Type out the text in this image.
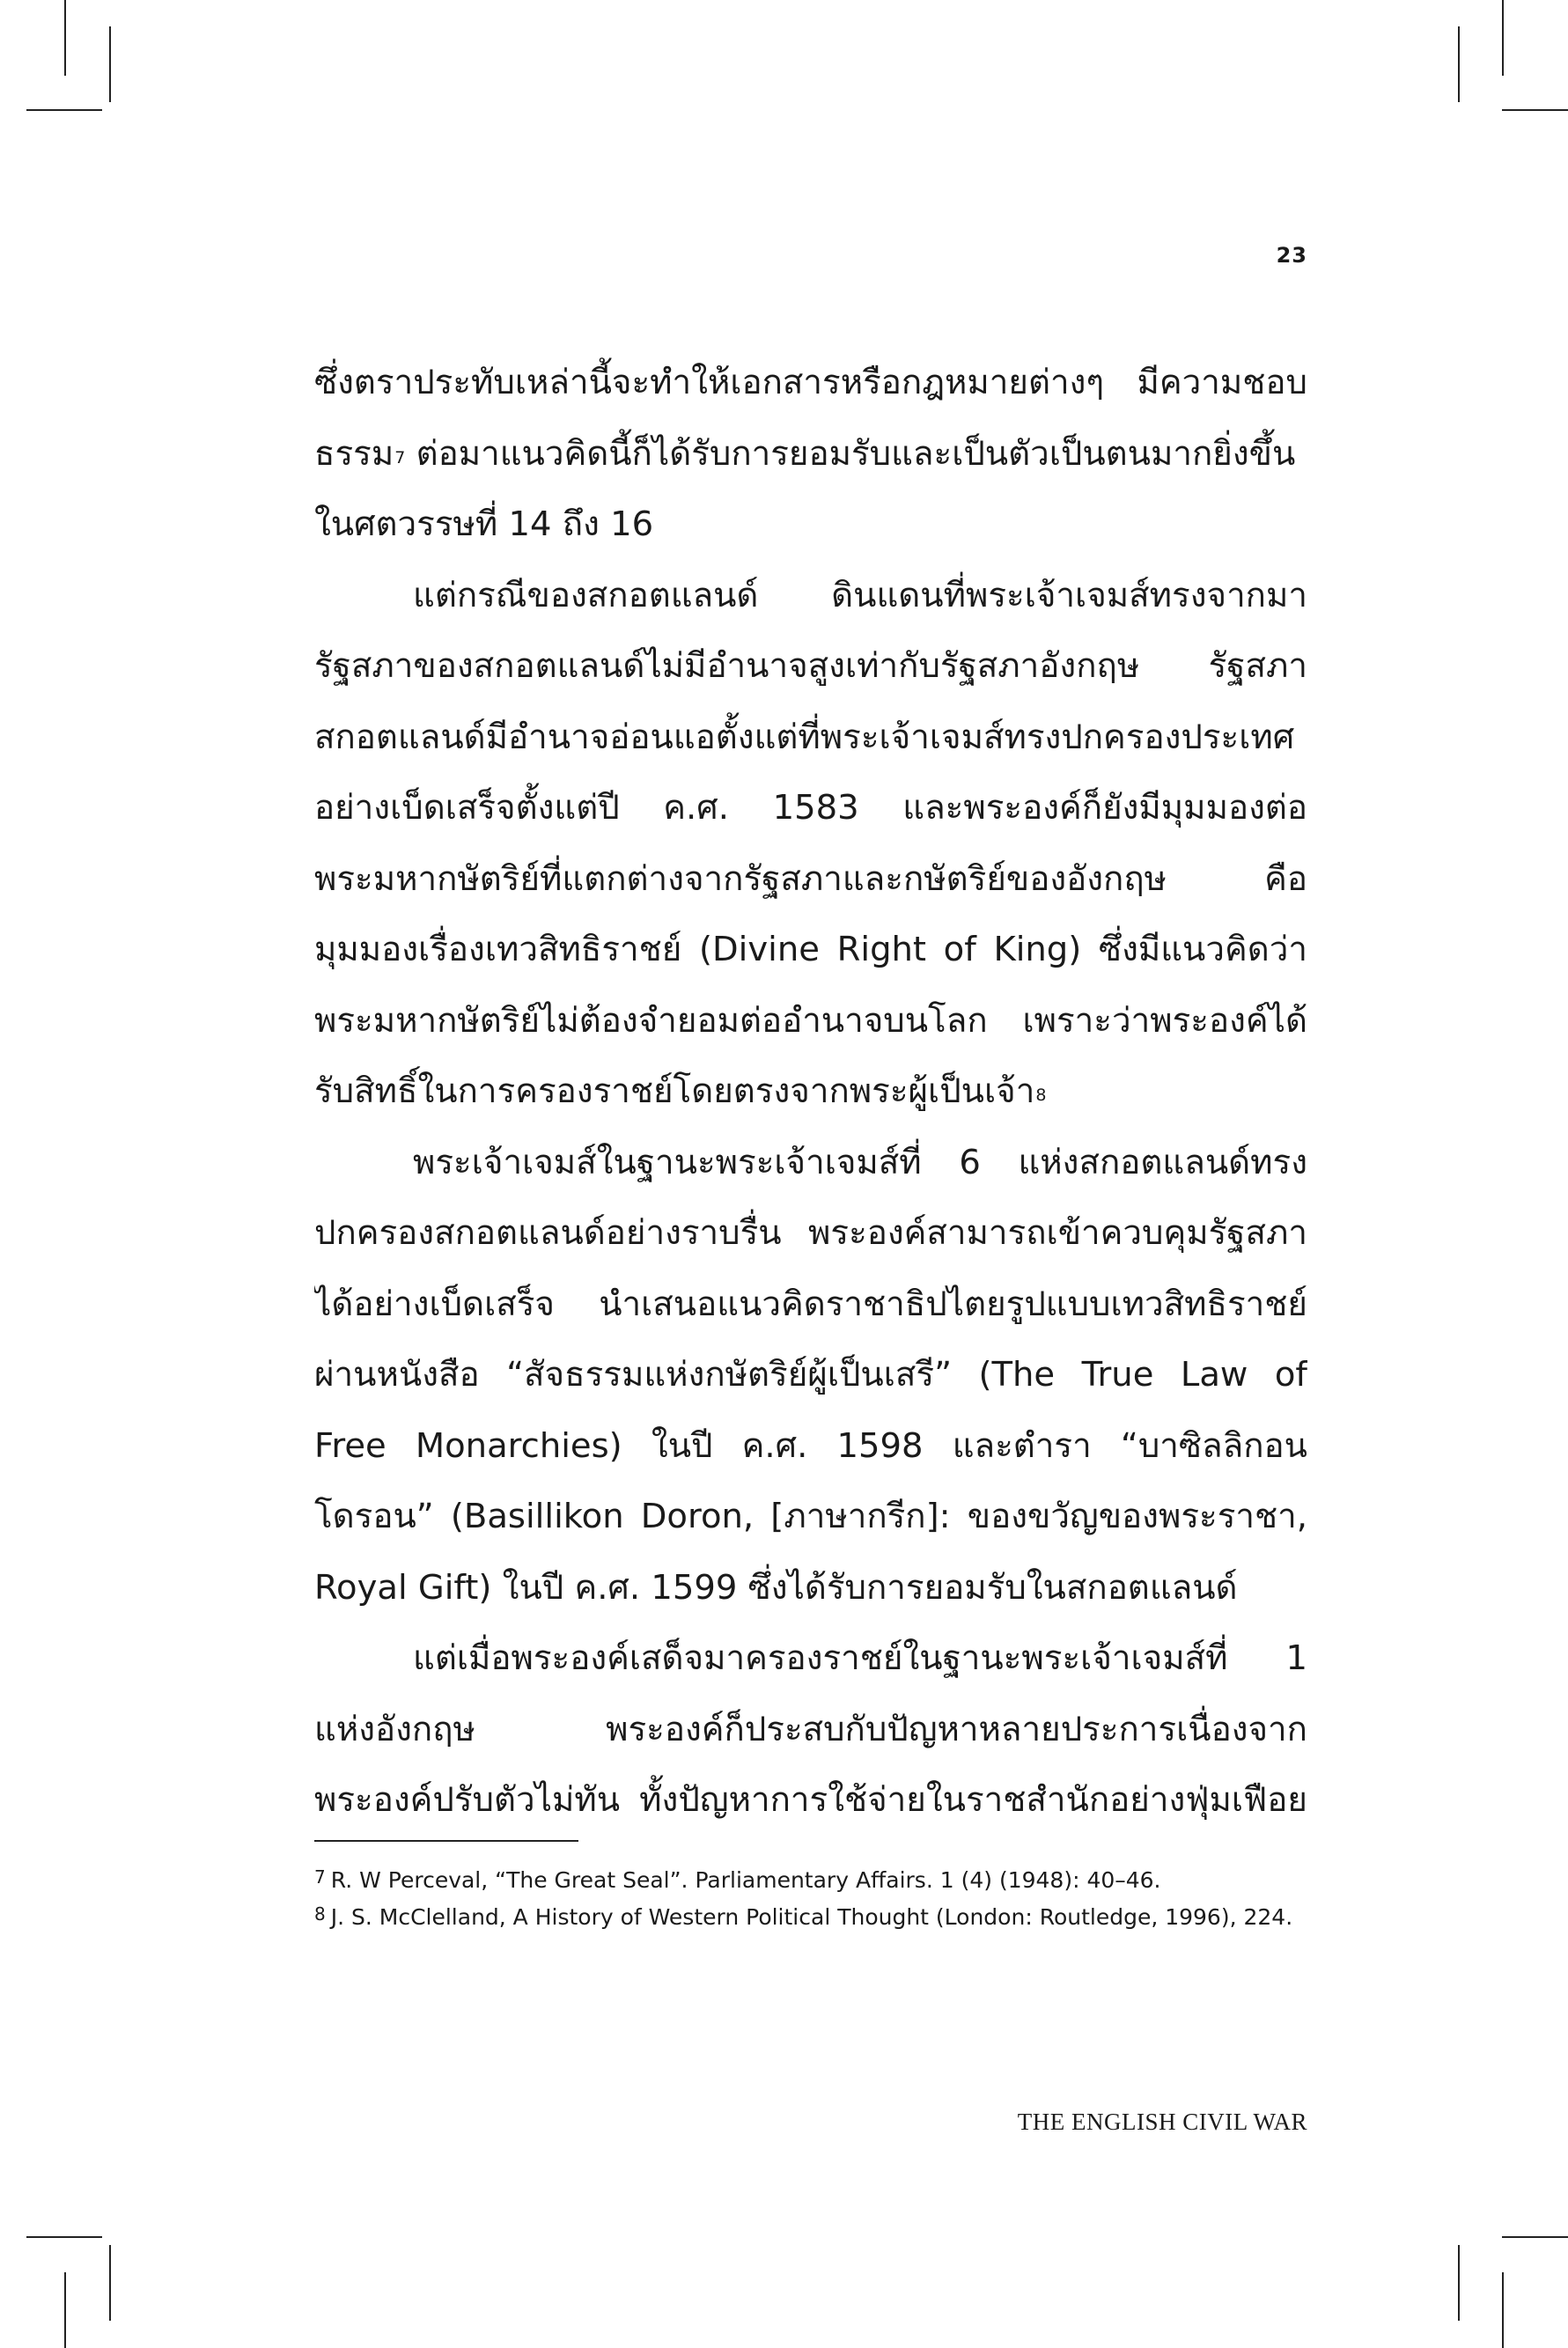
23
ซึ่งตราประทับเหล่านี้จะทำให้เอกสารหรือกฎหมายต่างๆ มีความชอบ
ธรรม$^7$ ต่อมาแนวคิดนี้ก็ได้รับการยอมรับและเป็นตัวเป็นตนมากยิ่งขึ้น
ในศตวรรษที่ 14 ถึง 16
แต่กรณีของสกอตแลนด์ ดินแดนที่พระเจ้าเจมส์ทรงจากมา
รัฐสภาของสกอตแลนด์ไม่มีอำนาจสูงเท่ากับรัฐสภาอังกฤษ รัฐสภา
สกอตแลนด์มีอำนาจอ่อนแอตั้งแต่ที่พระเจ้าเจมส์ทรงปกครองประเทศ
อย่างเบ็ดเสร็จตั้งแต่ปี ค.ศ. 1583 และพระองค์ก็ยังมีมุมมองต่อ
พระมหากษัตริย์ที่แตกต่างจากรัฐสภาและกษัตริย์ของอังกฤษ คือ
มุมมองเรื่องเทวสิทธิราชย์ (Divine Right of King) ซึ่งมีแนวคิดว่า
พระมหากษัตริย์ไม่ต้องจำยอมต่ออำนาจบนโลก เพราะว่าพระองค์ได้
รับสิทธิ์ในการครองราชย์โดยตรงจากพระผู้เป็นเจ้า$^8$
พระเจ้าเจมส์ในฐานะพระเจ้าเจมส์ที่ 6 แห่งสกอตแลนด์ทรง
ปกครองสกอตแลนด์อย่างราบรื่น พระองค์สามารถเข้าควบคุมรัฐสภา
ได้อย่างเบ็ดเสร็จ นำเสนอแนวคิดราชาธิปไตยรูปแบบเทวสิทธิราชย์
ผ่านหนังสือ “สัจธรรมแห่งกษัตริย์ผู้เป็นเสรี” (The True Law of
Free Monarchies) ในปี ค.ศ. 1598 และตำรา “บาซิลลิกอน
โดรอน” (Basillikon Doron, [ภาษากรีก]: ของขวัญของพระราชา,
Royal Gift) ในปี ค.ศ. 1599 ซึ่งได้รับการยอมรับในสกอตแลนด์
แต่เมื่อพระองค์เสด็จมาครองราชย์ในฐานะพระเจ้าเจมส์ที่ 1
แห่งอังกฤษ พระองค์ก็ประสบกับปัญหาหลายประการเนื่องจาก
พระองค์ปรับตัวไม่ทัน ทั้งปัญหาการใช้จ่ายในราชสำนักอย่างฟุ่มเฟือย
$^7$ R. W Perceval, “The Great Seal”. Parliamentary Affairs. 1 (4) (1948): 40–46.
$^8$ J. S. McClelland, A History of Western Political Thought (London: Routledge, 1996), 224.
THE ENGLISH CIVIL WAR
